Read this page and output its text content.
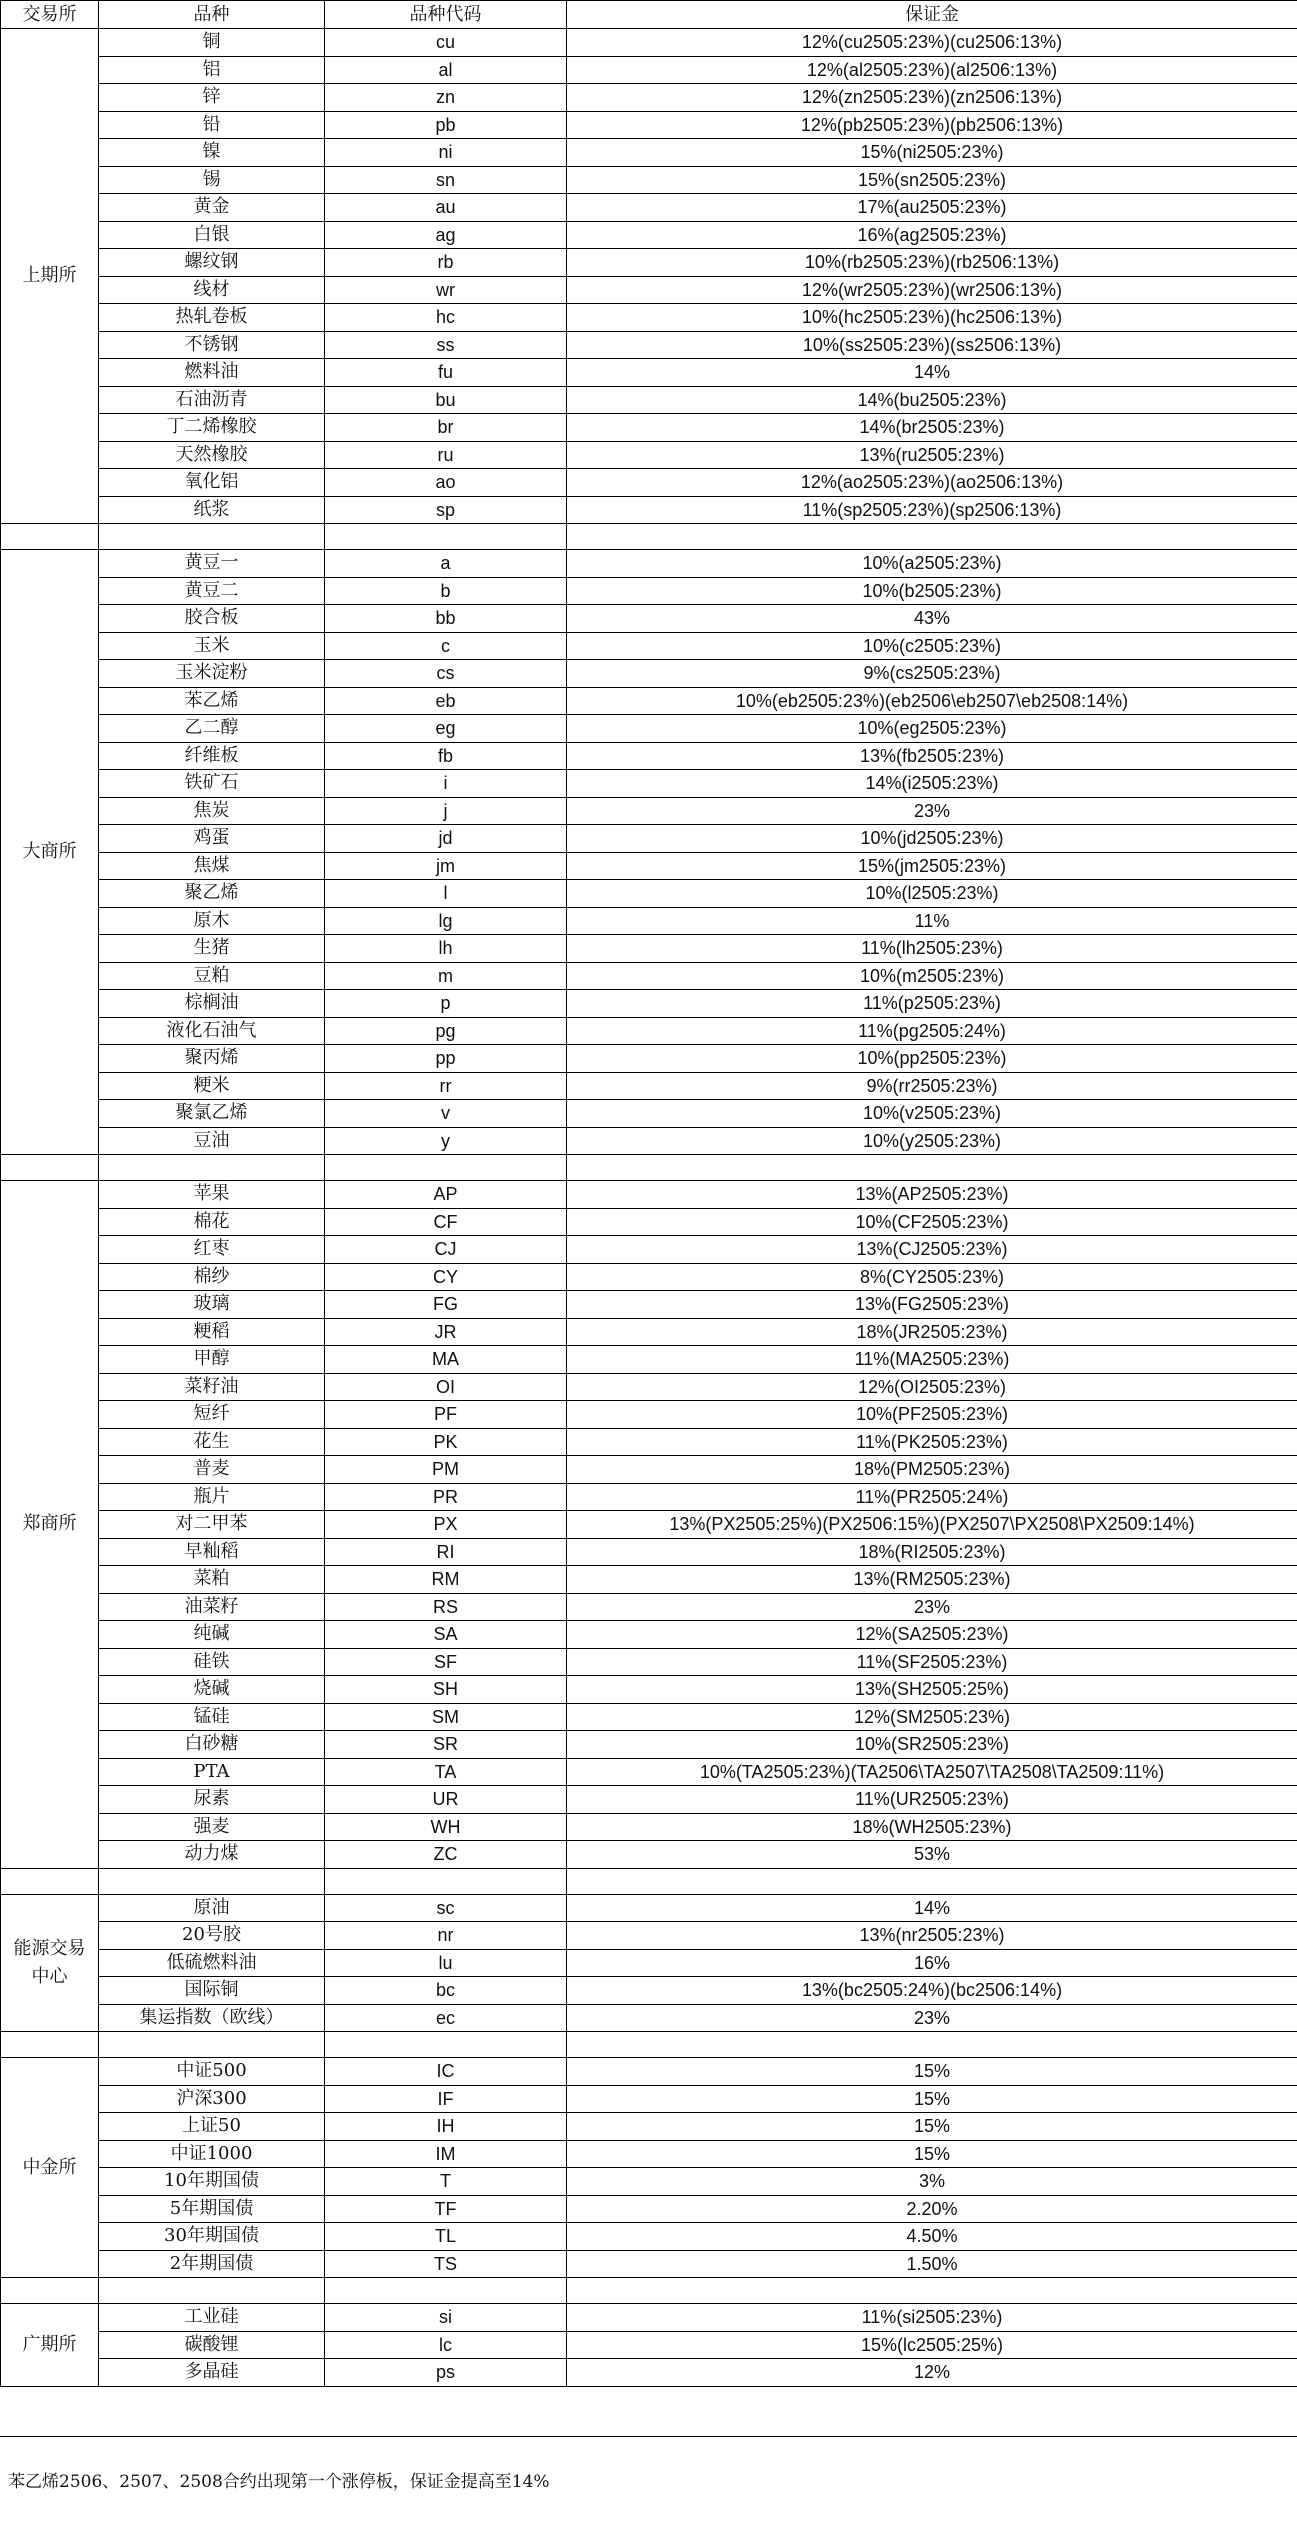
交易所	品种	品种代码	保证金
上期所	铜	cu	12%(cu2505:23%)(cu2506:13%)
	铝	al	12%(al2505:23%)(al2506:13%)
	锌	zn	12%(zn2505:23%)(zn2506:13%)
	铅	pb	12%(pb2505:23%)(pb2506:13%)
	镍	ni	15%(ni2505:23%)
	锡	sn	15%(sn2505:23%)
	黄金	au	17%(au2505:23%)
	白银	ag	16%(ag2505:23%)
	螺纹钢	rb	10%(rb2505:23%)(rb2506:13%)
	线材	wr	12%(wr2505:23%)(wr2506:13%)
	热轧卷板	hc	10%(hc2505:23%)(hc2506:13%)
	不锈钢	ss	10%(ss2505:23%)(ss2506:13%)
	燃料油	fu	14%
	石油沥青	bu	14%(bu2505:23%)
	丁二烯橡胶	br	14%(br2505:23%)
	天然橡胶	ru	13%(ru2505:23%)
	氧化铝	ao	12%(ao2505:23%)(ao2506:13%)
	纸浆	sp	11%(sp2505:23%)(sp2506:13%)

大商所	黄豆一	a	10%(a2505:23%)
	黄豆二	b	10%(b2505:23%)
	胶合板	bb	43%
	玉米	c	10%(c2505:23%)
	玉米淀粉	cs	9%(cs2505:23%)
	苯乙烯	eb	10%(eb2505:23%)(eb2506\eb2507\eb2508:14%)
	乙二醇	eg	10%(eg2505:23%)
	纤维板	fb	13%(fb2505:23%)
	铁矿石	i	14%(i2505:23%)
	焦炭	j	23%
	鸡蛋	jd	10%(jd2505:23%)
	焦煤	jm	15%(jm2505:23%)
	聚乙烯	l	10%(l2505:23%)
	原木	lg	11%
	生猪	lh	11%(lh2505:23%)
	豆粕	m	10%(m2505:23%)
	棕榈油	p	11%(p2505:23%)
	液化石油气	pg	11%(pg2505:24%)
	聚丙烯	pp	10%(pp2505:23%)
	粳米	rr	9%(rr2505:23%)
	聚氯乙烯	v	10%(v2505:23%)
	豆油	y	10%(y2505:23%)

郑商所	苹果	AP	13%(AP2505:23%)
	棉花	CF	10%(CF2505:23%)
	红枣	CJ	13%(CJ2505:23%)
	棉纱	CY	8%(CY2505:23%)
	玻璃	FG	13%(FG2505:23%)
	粳稻	JR	18%(JR2505:23%)
	甲醇	MA	11%(MA2505:23%)
	菜籽油	OI	12%(OI2505:23%)
	短纤	PF	10%(PF2505:23%)
	花生	PK	11%(PK2505:23%)
	普麦	PM	18%(PM2505:23%)
	瓶片	PR	11%(PR2505:24%)
	对二甲苯	PX	13%(PX2505:25%)(PX2506:15%)(PX2507\PX2508\PX2509:14%)
	早籼稻	RI	18%(RI2505:23%)
	菜粕	RM	13%(RM2505:23%)
	油菜籽	RS	23%
	纯碱	SA	12%(SA2505:23%)
	硅铁	SF	11%(SF2505:23%)
	烧碱	SH	13%(SH2505:25%)
	锰硅	SM	12%(SM2505:23%)
	白砂糖	SR	10%(SR2505:23%)
	PTA	TA	10%(TA2505:23%)(TA2506\TA2507\TA2508\TA2509:11%)
	尿素	UR	11%(UR2505:23%)
	强麦	WH	18%(WH2505:23%)
	动力煤	ZC	53%

能源交易中心	原油	sc	14%
	20号胶	nr	13%(nr2505:23%)
	低硫燃料油	lu	16%
	国际铜	bc	13%(bc2505:24%)(bc2506:14%)
	集运指数（欧线）	ec	23%

中金所	中证500	IC	15%
	沪深300	IF	15%
	上证50	IH	15%
	中证1000	IM	15%
	10年期国债	T	3%
	5年期国债	TF	2.20%
	30年期国债	TL	4.50%
	2年期国债	TS	1.50%

广期所	工业硅	si	11%(si2505:23%)
	碳酸锂	lc	15%(lc2505:25%)
	多晶硅	ps	12%
苯乙烯2506、2507、2508合约出现第一个涨停板，保证金提高至14%
